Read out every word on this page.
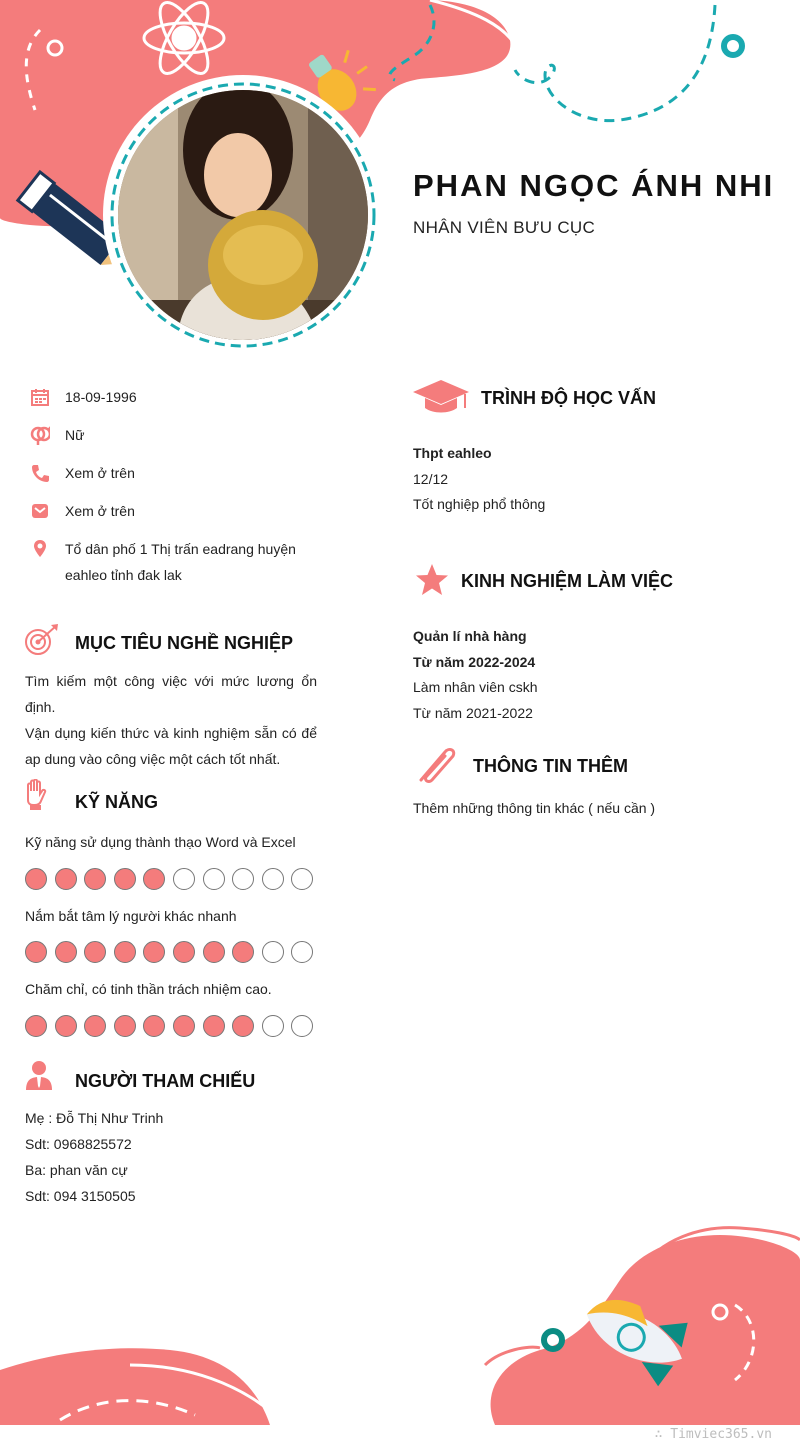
PHAN NGỌC ÁNH NHI
NHÂN VIÊN BƯU CỤC
18-09-1996
Nữ
Xem ở trên
Xem ở trên
Tổ dân phố 1 Thị trấn eadrang huyện eahleo tỉnh đak lak
MỤC TIÊU NGHỀ NGHIỆP
Tìm kiếm một công việc với mức lương ổn định.
Vận dụng kiến thức và kinh nghiệm sẵn có để ap dung vào công việc một cách tốt nhất.
KỸ NĂNG
Kỹ năng sử dụng thành thạo Word và Excel
Nắm bắt tâm lý người khác nhanh
Chăm chỉ, có tinh thần trách nhiệm cao.
NGƯỜI THAM CHIẾU
Mẹ : Đỗ Thị Như Trinh
Sdt: 0968825572
Ba: phan văn cự
Sdt: 094 3150505
TRÌNH ĐỘ HỌC VẤN
Thpt eahleo
12/12
Tốt nghiệp phổ thông
KINH NGHIỆM LÀM VIỆC
Quản lí nhà hàng
Từ năm 2022-2024
Làm nhân viên cskh
Từ năm 2021-2022
THÔNG TIN THÊM
Thêm những thông tin khác ( nếu cần )
∴ Timviec365.vn
